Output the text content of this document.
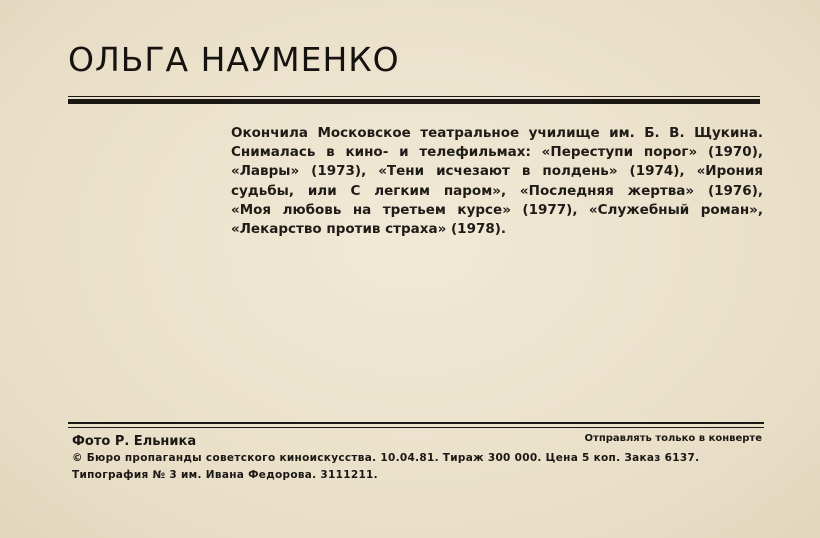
ОЛЬГА НАУМЕНКО

Окончила Московское театральное училище им. Б. В. Щукина.
Снималась в кино- и телефильмах: «Переступи порог» (1970),
«Лавры» (1973), «Тени исчезают в полдень» (1974), «Ирония
судьбы, или С легким паром», «Последняя жертва» (1976),
«Моя любовь на третьем курсе» (1977), «Служебный роман»,
«Лекарство против страха» (1978).

Фото Р. Ельника	Отправлять только в конверте
© Бюро пропаганды советского киноискусства. 10.04.81. Тираж 300 000. Цена 5 коп. Заказ 6137.
Типография № 3 им. Ивана Федорова. 3111211.
